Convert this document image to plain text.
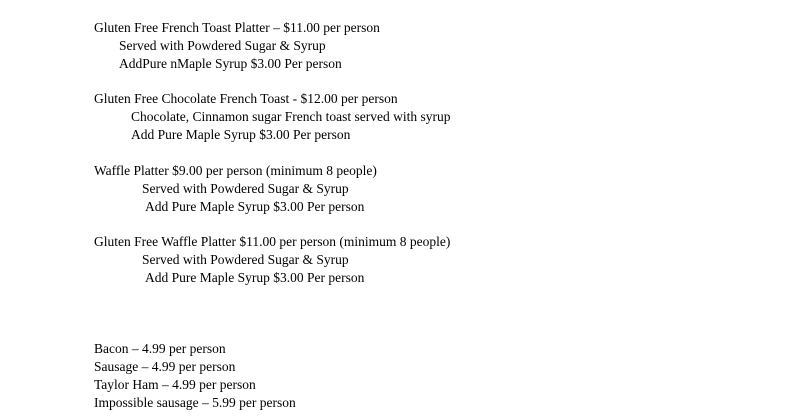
Gluten Free French Toast Platter – $11.00 per person
Served with Powdered Sugar & Syrup
AddPure nMaple Syrup $3.00 Per person
Gluten Free Chocolate French Toast - $12.00 per person
Chocolate, Cinnamon sugar French toast served with syrup
Add Pure Maple Syrup $3.00 Per person
Waffle Platter $9.00 per person (minimum 8 people)
Served with Powdered Sugar & Syrup
Add Pure Maple Syrup $3.00 Per person
Gluten Free Waffle Platter $11.00 per person (minimum 8 people)
Served with Powdered Sugar & Syrup
Add Pure Maple Syrup $3.00 Per person
Bacon – 4.99 per person
Sausage – 4.99 per person
Taylor Ham – 4.99 per person
Impossible sausage – 5.99 per person
